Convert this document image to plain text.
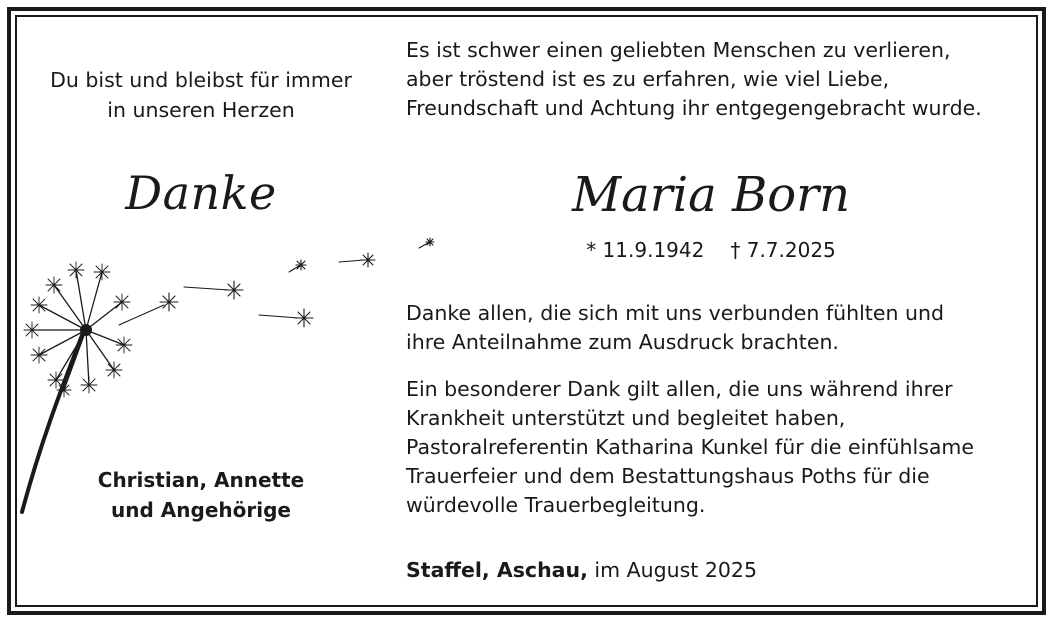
Du bist und bleibst für immer
in unseren Herzen
Danke
Christian, Annette
und Angehörige
Es ist schwer einen geliebten Menschen zu verlieren,
aber tröstend ist es zu erfahren, wie viel Liebe,
Freundschaft und Achtung ihr entgegengebracht wurde.
Maria Born
* 11.9.1942 † 7.7.2025
Danke allen, die sich mit uns verbunden fühlten und
ihre Anteilnahme zum Ausdruck brachten.
Ein besonderer Dank gilt allen, die uns während ihrer
Krankheit unterstützt und begleitet haben,
Pastoralreferentin Katharina Kunkel für die einfühlsame
Trauerfeier und dem Bestattungshaus Poths für die
würdevolle Trauerbegleitung.
Staffel, Aschau, im August 2025
